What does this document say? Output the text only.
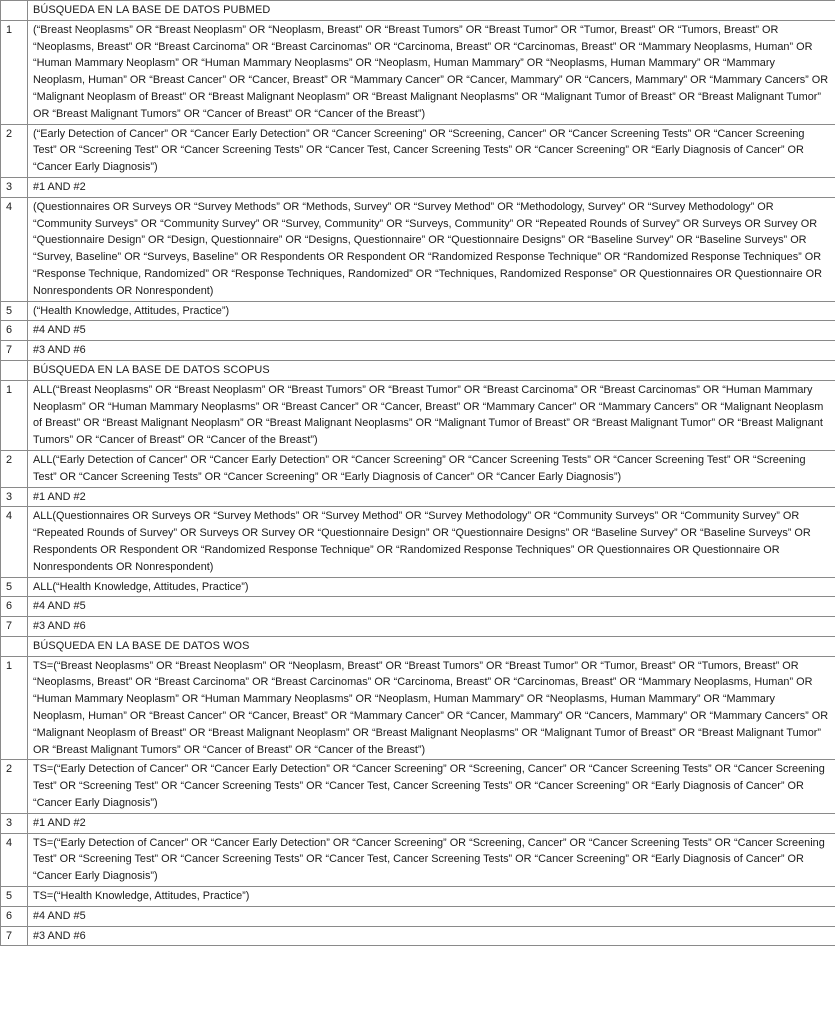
	BÚSQUEDA EN LA BASE DE DATOS PUBMED
1	(“Breast Neoplasms” OR “Breast Neoplasm” OR “Neoplasm, Breast” OR “Breast Tumors” OR “Breast Tumor” OR “Tumor, Breast” OR “Tumors, Breast” OR “Neoplasms, Breast” OR “Breast Carcinoma” OR “Breast Carcinomas” OR “Carcinoma, Breast” OR “Carcinomas, Breast” OR “Mammary Neoplasms, Human” OR “Human Mammary Neoplasm” OR “Human Mammary Neoplasms” OR “Neoplasm, Human Mammary” OR “Neoplasms, Human Mammary” OR “Mammary Neoplasm, Human” OR “Breast Cancer” OR “Cancer, Breast” OR “Mammary Cancer” OR “Cancer, Mammary” OR “Cancers, Mammary” OR “Mammary Cancers” OR “Malignant Neoplasm of Breast” OR “Breast Malignant Neoplasm” OR “Breast Malignant Neoplasms” OR “Malignant Tumor of Breast” OR “Breast Malignant Tumor” OR “Breast Malignant Tumors” OR “Cancer of Breast” OR “Cancer of the Breast”)
2	(“Early Detection of Cancer” OR “Cancer Early Detection” OR “Cancer Screening” OR “Screening, Cancer” OR “Cancer Screening Tests” OR “Cancer Screening Test” OR “Screening Test” OR “Cancer Screening Tests” OR “Cancer Test, Cancer Screening Tests” OR “Cancer Screening” OR “Early Diagnosis of Cancer” OR “Cancer Early Diagnosis”)
3	#1 AND #2
4	(Questionnaires OR Surveys OR “Survey Methods” OR “Methods, Survey” OR “Survey Method” OR “Methodology, Survey” OR “Survey Methodology” OR “Community Surveys” OR “Community Survey” OR “Survey, Community” OR “Surveys, Community” OR “Repeated Rounds of Survey” OR Surveys OR Survey OR “Questionnaire Design” OR “Design, Questionnaire” OR “Designs, Questionnaire” OR “Questionnaire Designs” OR “Baseline Survey” OR “Baseline Surveys” OR “Survey, Baseline” OR “Surveys, Baseline” OR Respondents OR Respondent OR “Randomized Response Technique” OR “Randomized Response Techniques” OR “Response Technique, Randomized” OR “Response Techniques, Randomized” OR “Techniques, Randomized Response” OR Questionnaires OR Questionnaire OR Nonrespondents OR Nonrespondent)
5	(“Health Knowledge, Attitudes, Practice”)
6	#4 AND #5
7	#3 AND #6
	BÚSQUEDA EN LA BASE DE DATOS SCOPUS
1	ALL(“Breast Neoplasms” OR “Breast Neoplasm” OR “Breast Tumors” OR “Breast Tumor” OR “Breast Carcinoma” OR “Breast Carcinomas” OR “Human Mammary Neoplasm” OR “Human Mammary Neoplasms” OR “Breast Cancer” OR “Cancer, Breast” OR “Mammary Cancer” OR “Mammary Cancers” OR “Malignant Neoplasm of Breast” OR “Breast Malignant Neoplasm” OR “Breast Malignant Neoplasms” OR “Malignant Tumor of Breast” OR “Breast Malignant Tumor” OR “Breast Malignant Tumors” OR “Cancer of Breast” OR “Cancer of the Breast”)
2	ALL(“Early Detection of Cancer” OR “Cancer Early Detection” OR “Cancer Screening” OR “Cancer Screening Tests” OR “Cancer Screening Test” OR “Screening Test” OR “Cancer Screening Tests” OR “Cancer Screening” OR “Early Diagnosis of Cancer” OR “Cancer Early Diagnosis”)
3	#1 AND #2
4	ALL(Questionnaires OR Surveys OR “Survey Methods” OR “Survey Method” OR “Survey Methodology” OR “Community Surveys” OR “Community Survey” OR “Repeated Rounds of Survey” OR Surveys OR Survey OR “Questionnaire Design” OR “Questionnaire Designs” OR “Baseline Survey” OR “Baseline Surveys” OR Respondents OR Respondent OR “Randomized Response Technique” OR “Randomized Response Techniques” OR Questionnaires OR Questionnaire OR Nonrespondents OR Nonrespondent)
5	ALL(“Health Knowledge, Attitudes, Practice”)
6	#4 AND #5
7	#3 AND #6
	BÚSQUEDA EN LA BASE DE DATOS WOS
1	TS=(“Breast Neoplasms” OR “Breast Neoplasm” OR “Neoplasm, Breast” OR “Breast Tumors” OR “Breast Tumor” OR “Tumor, Breast” OR “Tumors, Breast” OR “Neoplasms, Breast” OR “Breast Carcinoma” OR “Breast Carcinomas” OR “Carcinoma, Breast” OR “Carcinomas, Breast” OR “Mammary Neoplasms, Human” OR “Human Mammary Neoplasm” OR “Human Mammary Neoplasms” OR “Neoplasm, Human Mammary” OR “Neoplasms, Human Mammary” OR “Mammary Neoplasm, Human” OR “Breast Cancer” OR “Cancer, Breast” OR “Mammary Cancer” OR “Cancer, Mammary” OR “Cancers, Mammary” OR “Mammary Cancers” OR “Malignant Neoplasm of Breast” OR “Breast Malignant Neoplasm” OR “Breast Malignant Neoplasms” OR “Malignant Tumor of Breast” OR “Breast Malignant Tumor” OR “Breast Malignant Tumors” OR “Cancer of Breast” OR “Cancer of the Breast”)
2	TS=(“Early Detection of Cancer” OR “Cancer Early Detection” OR “Cancer Screening” OR “Screening, Cancer” OR “Cancer Screening Tests” OR “Cancer Screening Test” OR “Screening Test” OR “Cancer Screening Tests” OR “Cancer Test, Cancer Screening Tests” OR “Cancer Screening” OR “Early Diagnosis of Cancer” OR “Cancer Early Diagnosis”)
3	#1 AND #2
4	TS=(“Early Detection of Cancer” OR “Cancer Early Detection” OR “Cancer Screening” OR “Screening, Cancer” OR “Cancer Screening Tests” OR “Cancer Screening Test” OR “Screening Test” OR “Cancer Screening Tests” OR “Cancer Test, Cancer Screening Tests” OR “Cancer Screening” OR “Early Diagnosis of Cancer” OR “Cancer Early Diagnosis”)
5	TS=(“Health Knowledge, Attitudes, Practice”)
6	#4 AND #5
7	#3 AND #6
